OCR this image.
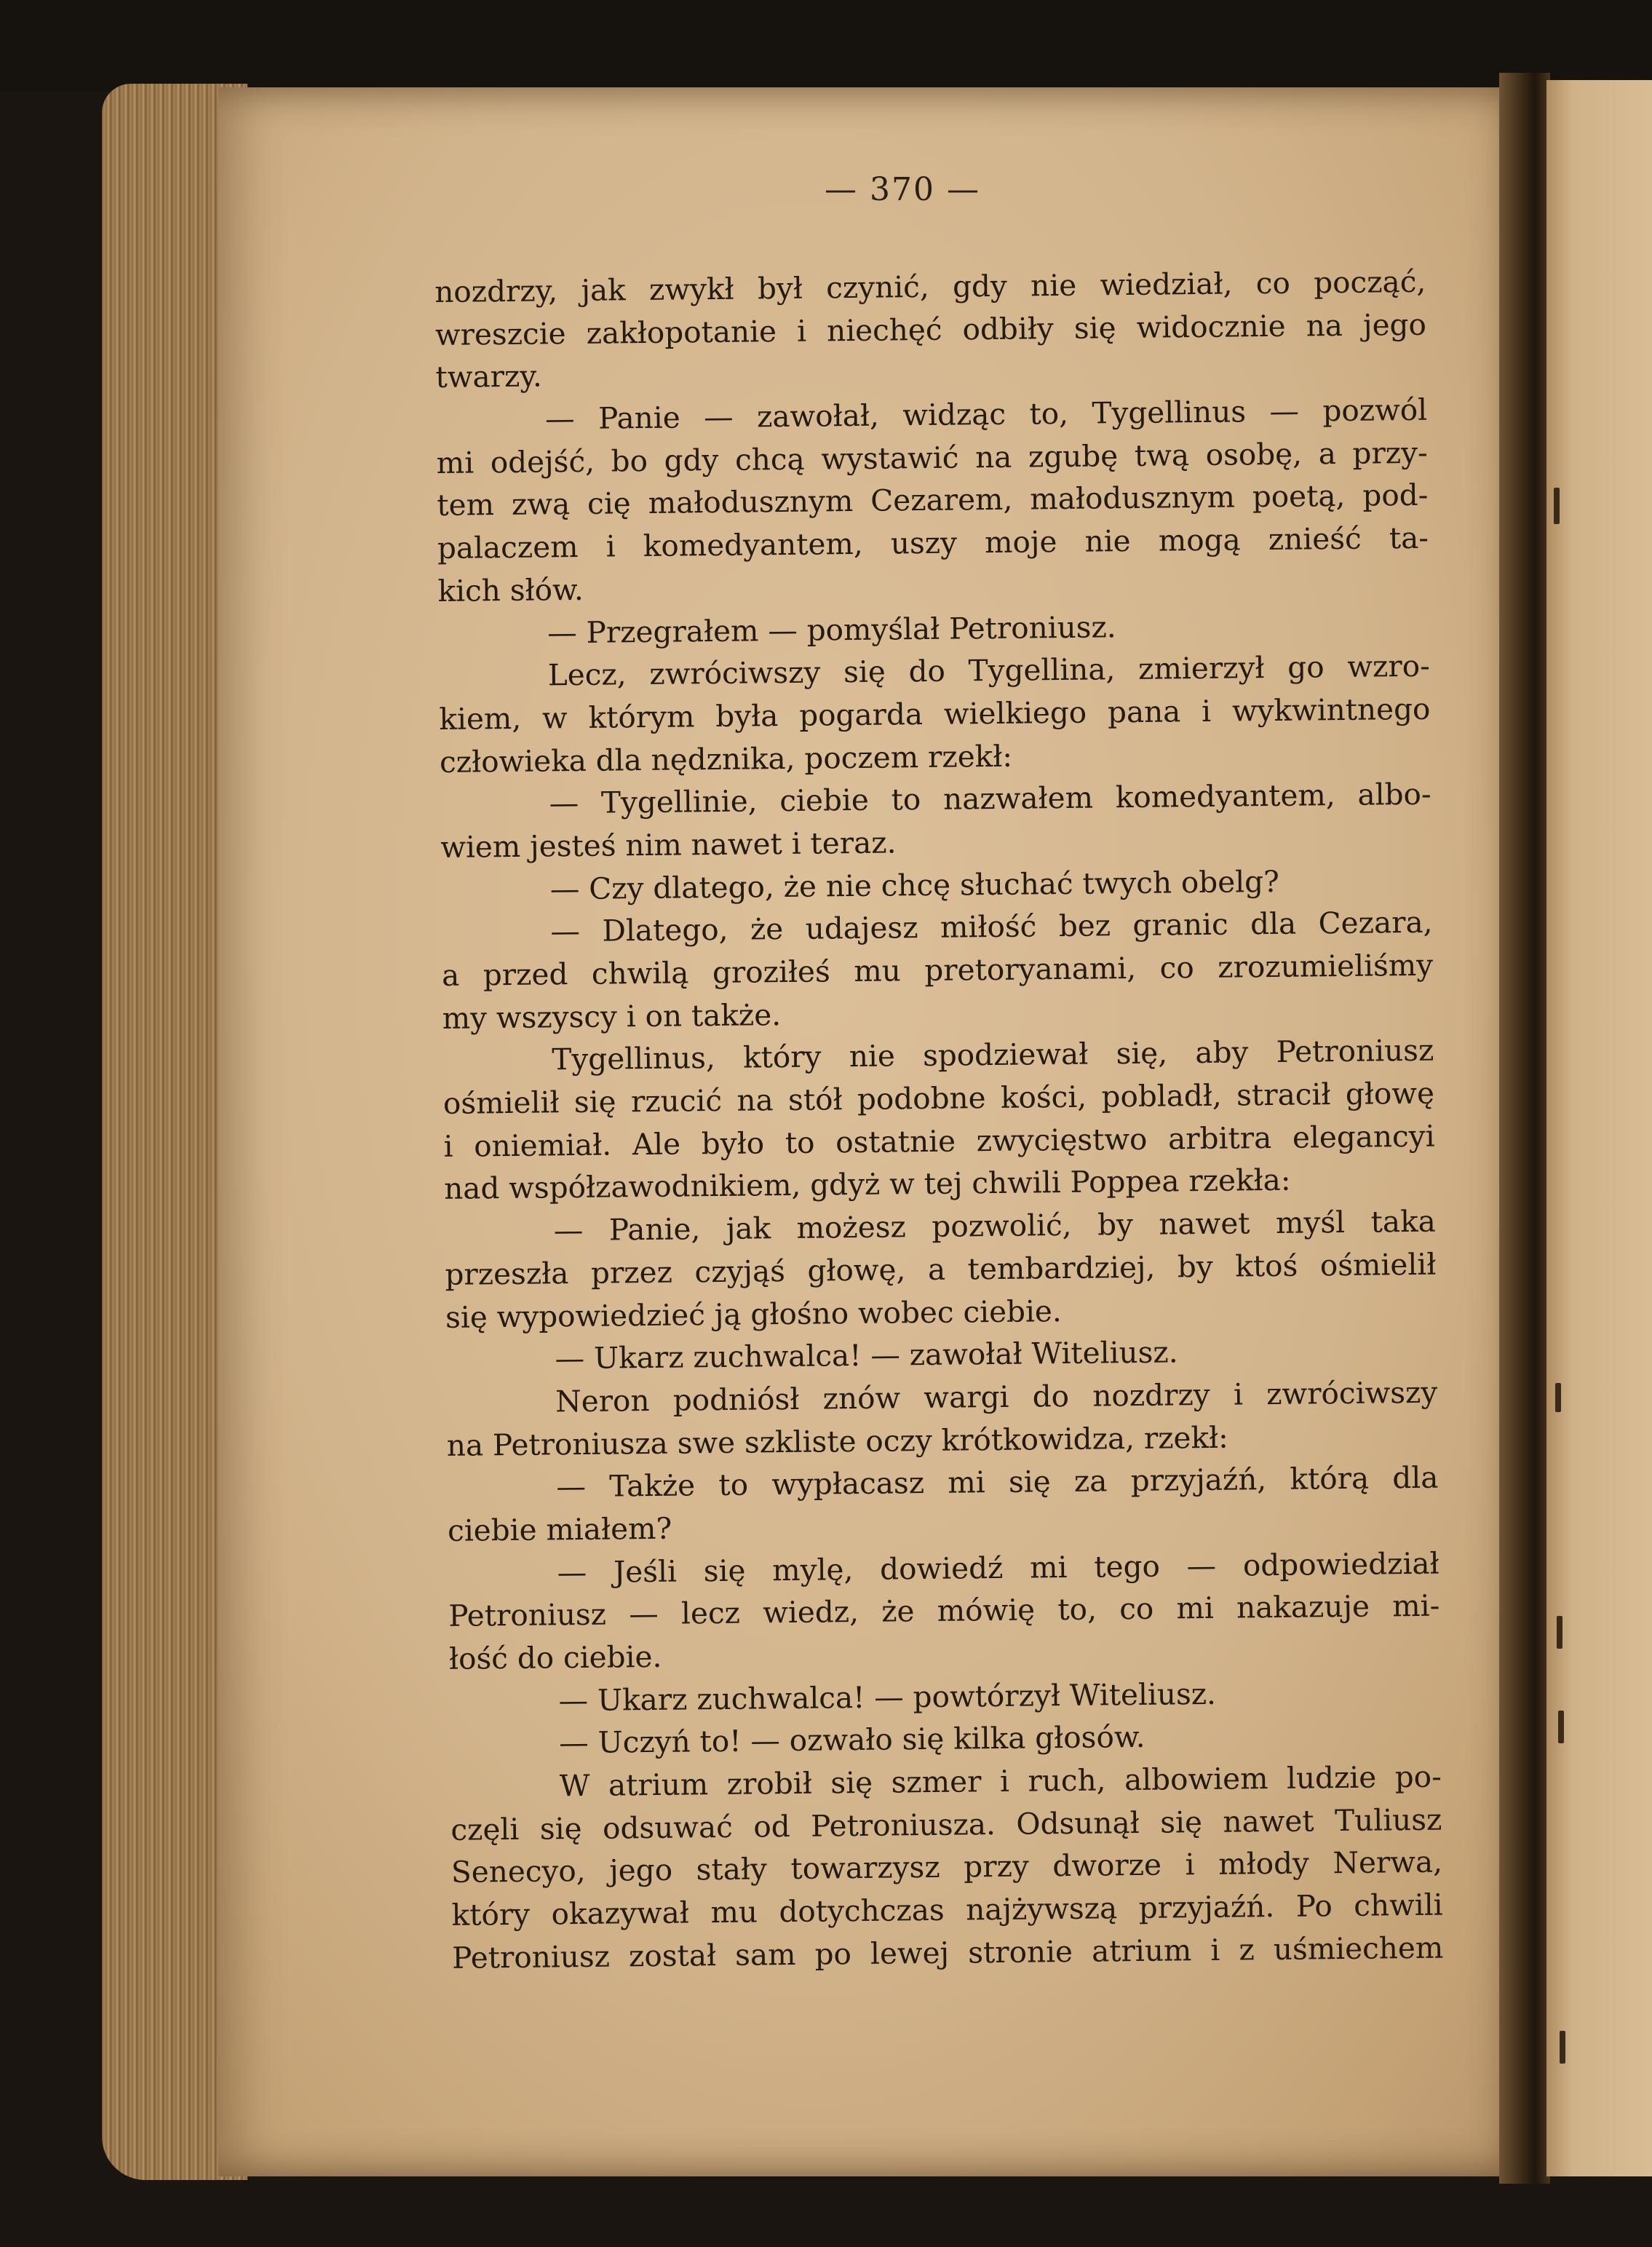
— 370 —
nozdrzy, jak zwykł był czynić, gdy nie wiedział, co począć,
wreszcie zakłopotanie i niechęć odbiły się widocznie na jego
twarzy.
— Panie — zawołał, widząc to, Tygellinus — pozwól
mi odejść, bo gdy chcą wystawić na zgubę twą osobę, a przy-
tem zwą cię małodusznym Cezarem, małodusznym poetą, pod-
palaczem i komedyantem, uszy moje nie mogą znieść ta-
kich słów.
— Przegrałem — pomyślał Petroniusz.
Lecz, zwróciwszy się do Tygellina, zmierzył go wzro-
kiem, w którym była pogarda wielkiego pana i wykwintnego
człowieka dla nędznika, poczem rzekł:
— Tygellinie, ciebie to nazwałem komedyantem, albo-
wiem jesteś nim nawet i teraz.
— Czy dlatego, że nie chcę słuchać twych obelg?
— Dlatego, że udajesz miłość bez granic dla Cezara,
a przed chwilą groziłeś mu pretoryanami, co zrozumieliśmy
my wszyscy i on także.
Tygellinus, który nie spodziewał się, aby Petroniusz
ośmielił się rzucić na stół podobne kości, pobladł, stracił głowę
i oniemiał. Ale było to ostatnie zwycięstwo arbitra elegancyi
nad współzawodnikiem, gdyż w tej chwili Poppea rzekła:
— Panie, jak możesz pozwolić, by nawet myśl taka
przeszła przez czyjąś głowę, a tembardziej, by ktoś ośmielił
się wypowiedzieć ją głośno wobec ciebie.
— Ukarz zuchwalca! — zawołał Witeliusz.
Neron podniósł znów wargi do nozdrzy i zwróciwszy
na Petroniusza swe szkliste oczy krótkowidza, rzekł:
— Także to wypłacasz mi się za przyjaźń, którą dla
ciebie miałem?
— Jeśli się mylę, dowiedź mi tego — odpowiedział
Petroniusz — lecz wiedz, że mówię to, co mi nakazuje mi-
łość do ciebie.
— Ukarz zuchwalca! — powtórzył Witeliusz.
— Uczyń to! — ozwało się kilka głosów.
W atrium zrobił się szmer i ruch, albowiem ludzie po-
częli się odsuwać od Petroniusza. Odsunął się nawet Tuliusz
Senecyo, jego stały towarzysz przy dworze i młody Nerwa,
który okazywał mu dotychczas najżywszą przyjaźń. Po chwili
Petroniusz został sam po lewej stronie atrium i z uśmiechem
